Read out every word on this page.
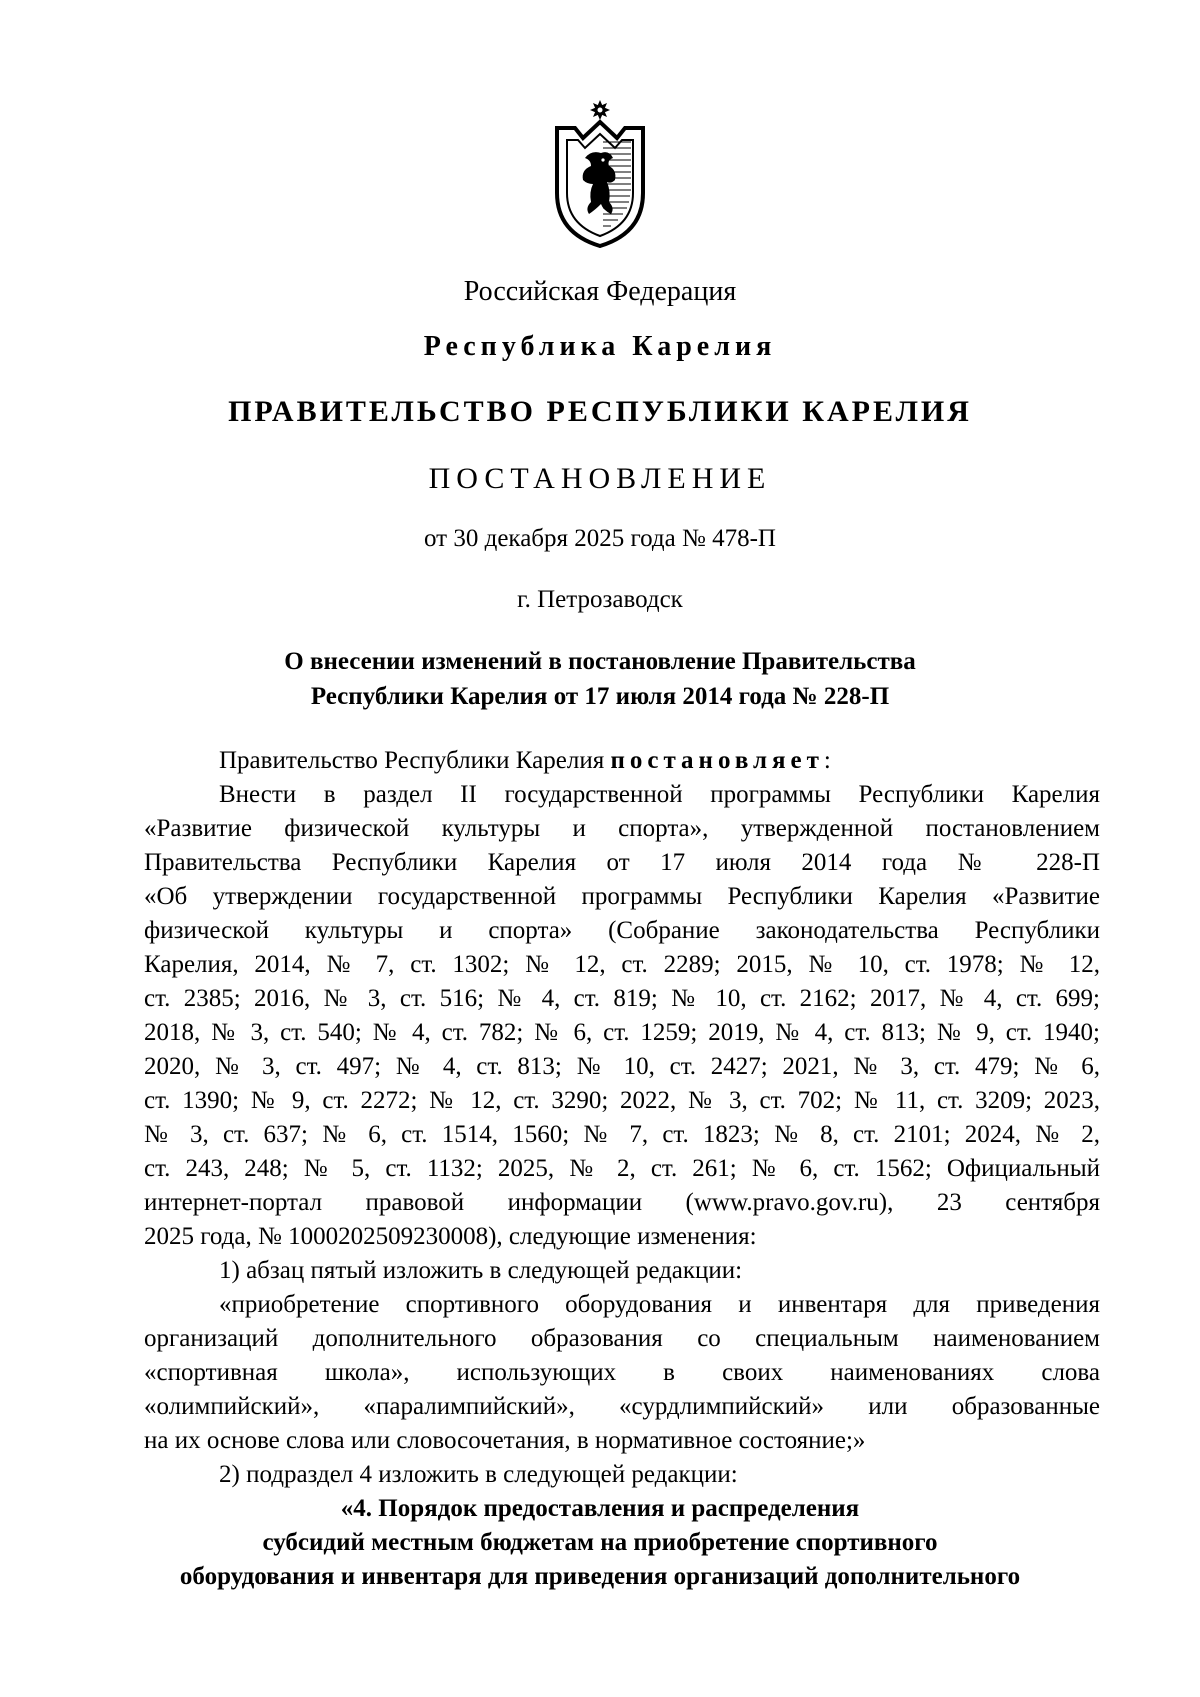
Российская Федерация
Республика Карелия
ПРАВИТЕЛЬСТВО РЕСПУБЛИКИ КАРЕЛИЯ
ПОСТАНОВЛЕНИЕ
от 30 декабря 2025 года № 478-П
г. Петрозаводск
О внесении изменений в постановление Правительства
Республики Карелия от 17 июля 2014 года № 228-П
Правительство Республики Карелия постановляет:
Внести в раздел II государственной программы Республики Карелия
«Развитие физической культуры и спорта», утвержденной постановлением
Правительства Республики Карелия от 17 июля 2014 года № 228-П
«Об утверждении государственной программы Республики Карелия «Развитие
физической культуры и спорта» (Собрание законодательства Республики
Карелия, 2014, № 7, ст. 1302; № 12, ст. 2289; 2015, № 10, ст. 1978; № 12,
ст. 2385; 2016, № 3, ст. 516; № 4, ст. 819; № 10, ст. 2162; 2017, № 4, ст. 699;
2018, № 3, ст. 540; № 4, ст. 782; № 6, ст. 1259; 2019, № 4, ст. 813; № 9, ст. 1940;
2020, № 3, ст. 497; № 4, ст. 813; № 10, ст. 2427; 2021, № 3, ст. 479; № 6,
ст. 1390; № 9, ст. 2272; № 12, ст. 3290; 2022, № 3, ст. 702; № 11, ст. 3209; 2023,
№ 3, ст. 637; № 6, ст. 1514, 1560; № 7, ст. 1823; № 8, ст. 2101; 2024, № 2,
ст. 243, 248; № 5, ст. 1132; 2025, № 2, ст. 261; № 6, ст. 1562; Официальный
интернет-портал правовой информации (www.pravo.gov.ru), 23 сентября
2025 года, № 1000202509230008), следующие изменения:
1) абзац пятый изложить в следующей редакции:
«приобретение спортивного оборудования и инвентаря для приведения
организаций дополнительного образования со специальным наименованием
«спортивная школа», использующих в своих наименованиях слова
«олимпийский», «паралимпийский», «сурдлимпийский» или образованные
на их основе слова или словосочетания, в нормативное состояние;»
2) подраздел 4 изложить в следующей редакции:
«4. Порядок предоставления и распределения
субсидий местным бюджетам на приобретение спортивного
оборудования и инвентаря для приведения организаций дополнительного
